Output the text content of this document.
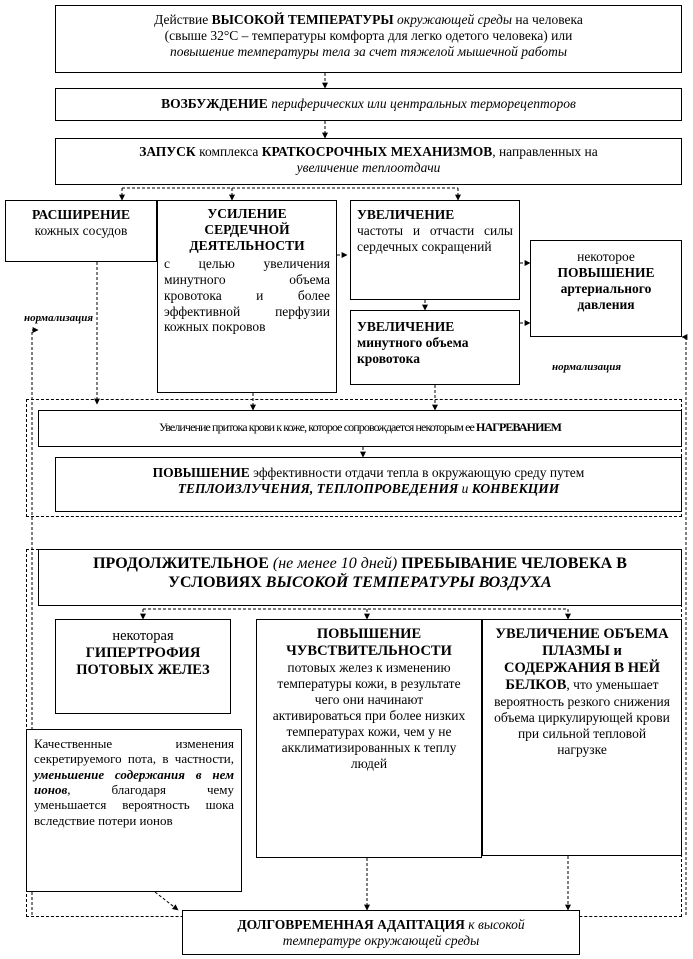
нормализация
нормализация
Действие ВЫСОКОЙ ТЕМПЕРАТУРЫ окружающей среды на человека
(свыше 32°C – температуры комфорта для легко одетого человека) или
повышение температуры тела за счет тяжелой мышечной работы
ВОЗБУЖДЕНИЕ периферических или центральных терморецепторов
ЗАПУСК комплекса КРАТКОСРОЧНЫХ МЕХАНИЗМОВ, направленных на
увеличение теплоотдачи
РАСШИРЕНИЕ
кожных сосудов
УСИЛЕНИЕ СЕРДЕЧНОЙ ДЕЯТЕЛЬНОСТИ
с целью увеличения минутного объема кровотока и более эффективной перфузии кожных покровов
УВЕЛИЧЕНИЕ
частоты и отчасти силы сердечных сокращений
УВЕЛИЧЕНИЕ минутного объема кровотока
некоторое
ПОВЫШЕНИЕ
артериального давления
Увеличение притока крови к коже, которое сопровождается некоторым ее НАГРЕВАНИЕМ
ПОВЫШЕНИЕ эффективности отдачи тепла в окружающую среду путем
ТЕПЛОИЗЛУЧЕНИЯ, ТЕПЛОПРОВЕДЕНИЯ и КОНВЕКЦИИ
ПРОДОЛЖИТЕЛЬНОЕ (не менее 10 дней) ПРЕБЫВАНИЕ ЧЕЛОВЕКА В УСЛОВИЯХ ВЫСОКОЙ ТЕМПЕРАТУРЫ ВОЗДУХА
некоторая
ГИПЕРТРОФИЯ ПОТОВЫХ ЖЕЛЕЗ
ПОВЫШЕНИЕ ЧУВСТВИТЕЛЬНОСТИ
потовых желез к изменению температуры кожи, в результате чего они начинают активироваться при более низких температурах кожи, чем у не акклиматизированных к теплу людей
УВЕЛИЧЕНИЕ ОБЪЕМА ПЛАЗМЫ и СОДЕРЖАНИЯ В НЕЙ БЕЛКОВ, что уменьшает вероятность резкого снижения объема циркулирующей крови при сильной тепловой нагрузке
Качественные изменения секретируемого пота, в частности, уменьшение содержания в нем ионов, благодаря чему уменьшается вероятность шока вследствие потери ионов
ДОЛГОВРЕМЕННАЯ АДАПТАЦИЯ к высокой
температуре окружающей среды
